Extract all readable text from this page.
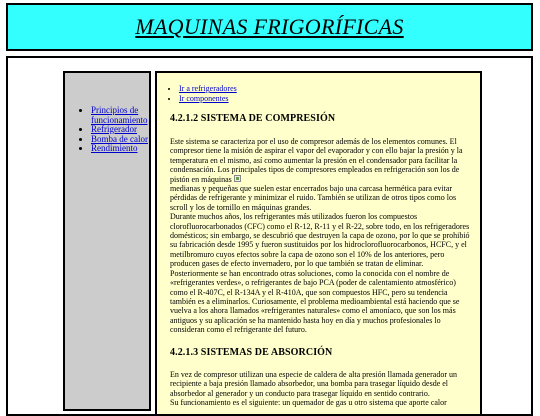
MAQUINAS FRIGORÍFICAS
• Principios de funcionamiento
• Refrigerador
• Bomba de calor
• Rendimiento
• Ir a refrigeradores
• Ir componentes
4.2.1.2 SISTEMA DE COMPRESIÓN

Este sistema se caracteriza por el uso de compresor además de los elementos comunes. El compresor tiene la misión de aspirar el vapor del evaporador y con ello bajar la presión y la temperatura en el mismo, así como aumentar la presión en el condensador para facilitar la condensación. Los principales tipos de compresores empleados en refrigeración son los de pistón en máquinas
medianas y pequeñas que suelen estar encerrados bajo una carcasa hermética para evitar pérdidas de refrigerante y minimizar el ruido. También se utilizan de otros tipos como los scroll y los de tornillo en máquinas grandes.
Durante muchos años, los refrigerantes más utilizados fueron los compuestos clorofluorocarbonados (CFC) como el R-12, R-11 y el R-22, sobre todo, en los refrigeradores domésticos; sin embargo, se descubrió que destruyen la capa de ozono, por lo que se prohibió su fabricación desde 1995 y fueron sustituidos por los hidroclorofluorocarbonos, HCFC, y el metilbromuro cuyos efectos sobre la capa de ozono son el 10% de los anteriores, pero producen gases de efecto invernadero, por lo que también se tratan de eliminar. Posteriormente se han encontrado otras soluciones, como la conocida con el nombre de «refrigerantes verdes», o refrigerantes de bajo PCA (poder de calentamiento atmosférico) como el R-407C, el R-134A y el R-410A, que son compuestos HFC, pero su tendencia también es a eliminarlos. Curiosamente, el problema medioambiental está haciendo que se vuelva a los ahora llamados «refrigerantes naturales» como el amoníaco, que son los más antiguos y su aplicación se ha mantenido hasta hoy en día y muchos profesionales lo consideran como el refrigerante del futuro.

4.2.1.3 SISTEMAS DE ABSORCIÓN

En vez de compresor utilizan una especie de caldera de alta presión llamada generador un recipiente a baja presión llamado absorbedor, una bomba para trasegar líquido desde el absorbedor al generador y un conducto para trasegar líquido en sentido contrario.
Su funcionamiento es el siguiente: un quemador de gas u otro sistema que aporte calor
